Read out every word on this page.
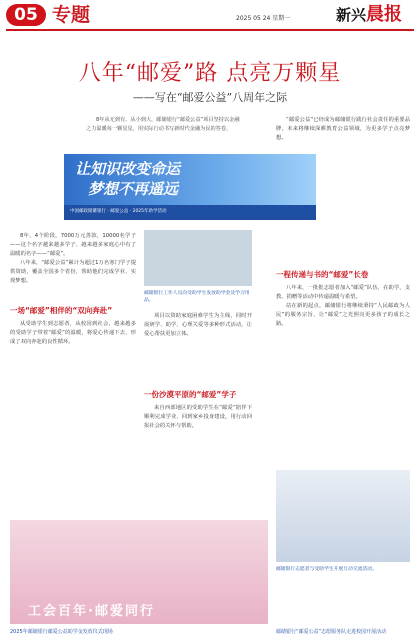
05 专题	2025 05 24 星期一	新兴晨报
八年“邮爱”路 点亮万颗星
——写在“邮爱公益”八周年之际
8年从无到有、从小到大，邮储银行“邮爱公益”项目坚持以金融之力温暖每一颗星星，用实际行动书写新时代金融为民的答卷。
让知识改变命运
梦想不再遥远
中国邮政储蓄银行 · 邮爱公益 · 2025年助学活动

8年，4个阶段，7000万元善款，10000名学子——这个名字越来越多学子、越来越多家庭心中有了温暖的名字——“邮爱”。

八年来，“邮爱公益”累计为超过1万名寒门学子提供资助，覆盖全国多个省份，帮助他们完成学业、实现梦想。

一场“邮爱”相伴的“双向奔赴”

从受助学生到志愿者，从校园到社会，越来越多的受助学子带着“邮爱”的温暖，将爱心传递下去，形成了双向奔赴的良性循环。

邮储银行工作人员向受助学生发放助学金及学习用品。

项目以资助家庭困难学生为主线，同时开展研学、助学、心理关爱等多种形式活动，让爱心帮扶更加立体。

一份沙漠平原的“邮爱”学子

来自西部地区的受助学生在“邮爱”陪伴下顺利完成学业，回到家乡投身建设，用行动回报社会的关怀与帮助。

“邮爱公益”已经成为邮储银行践行社会责任的重要品牌，未来将继续深耕教育公益领域，为更多学子点亮梦想。

一程传递与书的“邮爱”长卷

八年来，一批批志愿者加入“邮爱”队伍，在助学、支教、捐赠等活动中传递温暖与希望。

站在新的起点，邮储银行将继续秉持“人民邮政为人民”的服务宗旨，让“邮爱”之光照亮更多孩子的成长之路。

邮储银行志愿者与受助学生开展互动交流活动。
工会百年·邮爱同行
2025年邮储银行邮爱公益助学金发放仪式现场	邮储银行“邮爱公益”志愿服务队走进校园开展活动
